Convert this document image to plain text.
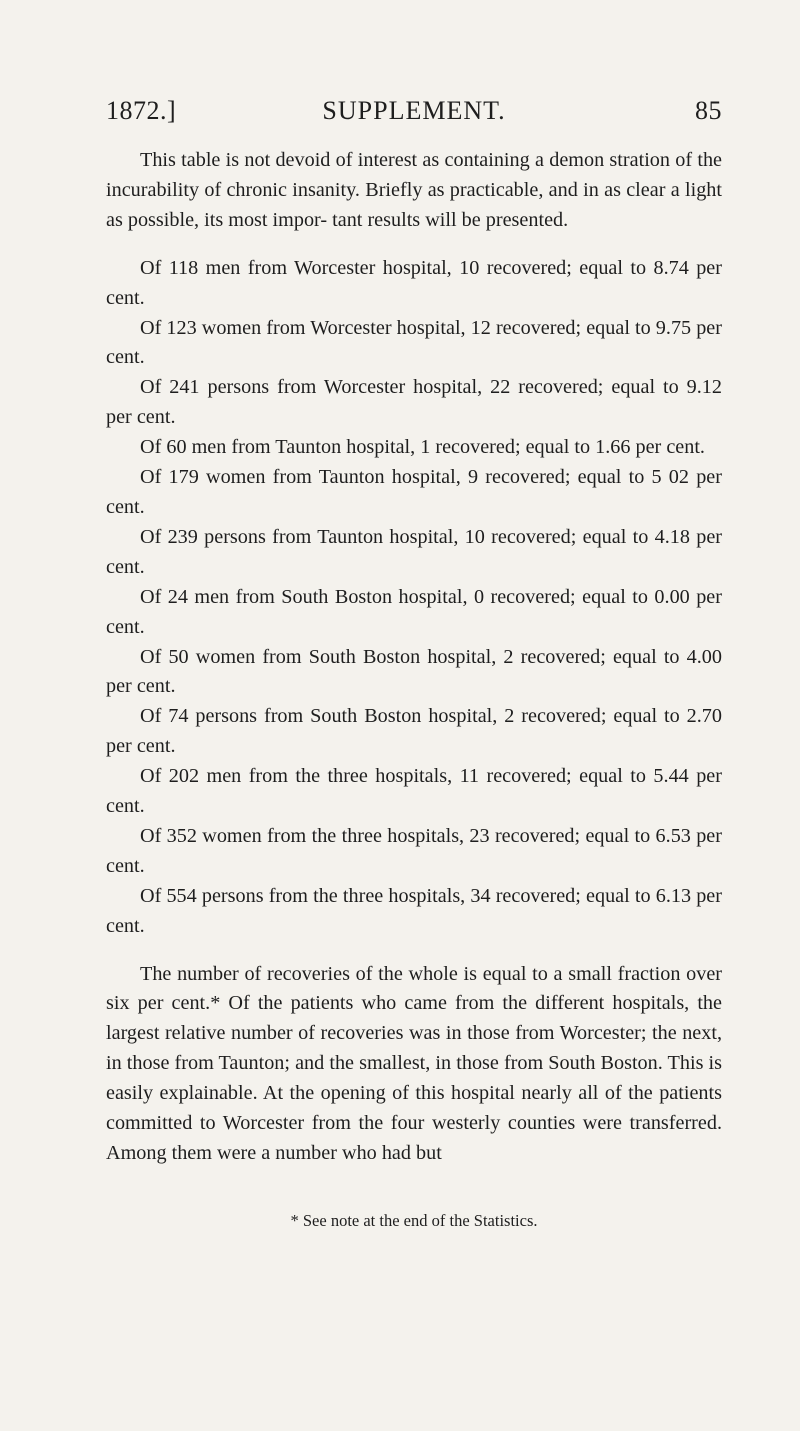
1872.]	SUPPLEMENT.	85

This table is not devoid of interest as containing a demon stration of the incurability of chronic insanity. Briefly as practicable, and in as clear a light as possible, its most impor- tant results will be presented.

Of 118 men from Worcester hospital, 10 recovered; equal to 8.74 per cent.

Of 123 women from Worcester hospital, 12 recovered; equal to 9.75 per cent.

Of 241 persons from Worcester hospital, 22 recovered; equal to 9.12 per cent.

Of 60 men from Taunton hospital, 1 recovered; equal to 1.66 per cent.

Of 179 women from Taunton hospital, 9 recovered; equal to 5 02 per cent.

Of 239 persons from Taunton hospital, 10 recovered; equal to 4.18 per cent.

Of 24 men from South Boston hospital, 0 recovered; equal to 0.00 per cent.

Of 50 women from South Boston hospital, 2 recovered; equal to 4.00 per cent.

Of 74 persons from South Boston hospital, 2 recovered; equal to 2.70 per cent.

Of 202 men from the three hospitals, 11 recovered; equal to 5.44 per cent.

Of 352 women from the three hospitals, 23 recovered; equal to 6.53 per cent.

Of 554 persons from the three hospitals, 34 recovered; equal to 6.13 per cent.

The number of recoveries of the whole is equal to a small fraction over six per cent.* Of the patients who came from the different hospitals, the largest relative number of recoveries was in those from Worcester; the next, in those from Taunton; and the smallest, in those from South Boston. This is easily explainable. At the opening of this hospital nearly all of the patients committed to Worcester from the four westerly counties were transferred. Among them were a number who had but

* See note at the end of the Statistics.
